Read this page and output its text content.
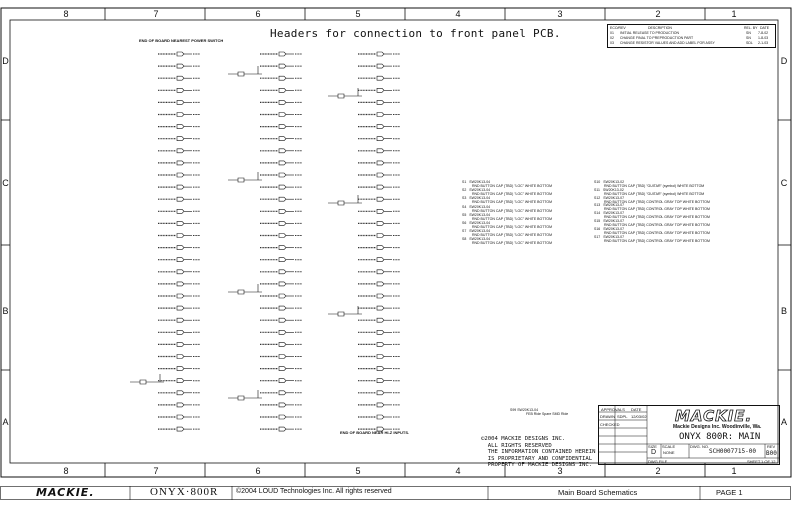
Headers for connection to front panel PCB.
END OF BOARD NEAREST POWER SWITCH
END OF BOARD NEAR HI-Z INPUTS.
8	7	6	5	4	3	2	1
8	7	6	5	4	3	2	1
D
C
B
A
D
C
B
A
ECO/REV	DESCRIPTION	REL. BY DATE
01 INITIAL RELEASE TO PRODUCTION	SN 7-8-02
02 CHANGE FINAL TO PREPRODUCTION PART	SN 1-8-03
03 CHANGE RESISTOR VALUES AND ADD LABEL FOR ASSY	SDL 2-1-03
S1 SW20K13-04
RND BUTTON CAP (TBD) "LOC" WHITE BOTTOM
S2 SW20K13-04
RND BUTTON CAP (TBD) "LOC" WHITE BOTTOM
S3 SW20K13-04
RND BUTTON CAP (TBD) "LOC" WHITE BOTTOM
S4 SW20K13-04
RND BUTTON CAP (TBD) "LOC" WHITE BOTTOM
S5 SW20K13-04
RND BUTTON CAP (TBD) "LOC" WHITE BOTTOM
S6 SW20K13-04
RND BUTTON CAP (TBD) "LOC" WHITE BOTTOM
S7 SW20K13-04
RND BUTTON CAP (TBD) "LOC" WHITE BOTTOM
S8 SW20K13-04
RND BUTTON CAP (TBD) "LOC" WHITE BOTTOM
S10 SW20K13-02
RND BUTTON CAP (TBD) "GUITAR" (symbol) WHITE BOTTOM
S11 SW20K13-02
RND BUTTON CAP (TBD) "GUITAR" (symbol) WHITE BOTTOM
S12 SW20K13-07
RND BUTTON CAP (TBD) CONTROL GRAY TOP WHITE BOTTOM
S13 SW20K13-07
RND BUTTON CAP (TBD) CONTROL GRAY TOP WHITE BOTTOM
S14 SW20K13-07
RND BUTTON CAP (TBD) CONTROL GRAY TOP WHITE BOTTOM
S15 SW20K13-07
RND BUTTON CAP (TBD) CONTROL GRAY TOP WHITE BOTTOM
S16 SW20K13-07
RND BUTTON CAP (TBD) CONTROL GRAY TOP WHITE BOTTOM
S17 SW20K13-07
RND BUTTON CAP (TBD) CONTROL GRAY TOP WHITE BOTTOM
S99 SW20K13-04
FEB Ride Spare SMD Ride
©2004 MACKIE DESIGNS INC.
ALL RIGHTS RESERVED
THE INFORMATION CONTAINED HEREIN
IS PROPRIETARY AND CONFIDENTIAL
PROPERTY OF MACKIE DESIGNS INC.
APPROVALS DATE
DRAWN SDPL 12/03/02
CHECKED	MACKIE.
Mackie Designs Inc. Woodinville, Wa.
ONYX 800R: MAIN
SIZE
D
SCALE
NONE
DWG. NO.
SCH0007715-00
REV
B00
DWG FILE	SHEET 1 OF 12
MACKIE.	ONYX·800R	©2004 LOUD Technologies Inc. All rights reserved	Main Board Schematics	PAGE 1
